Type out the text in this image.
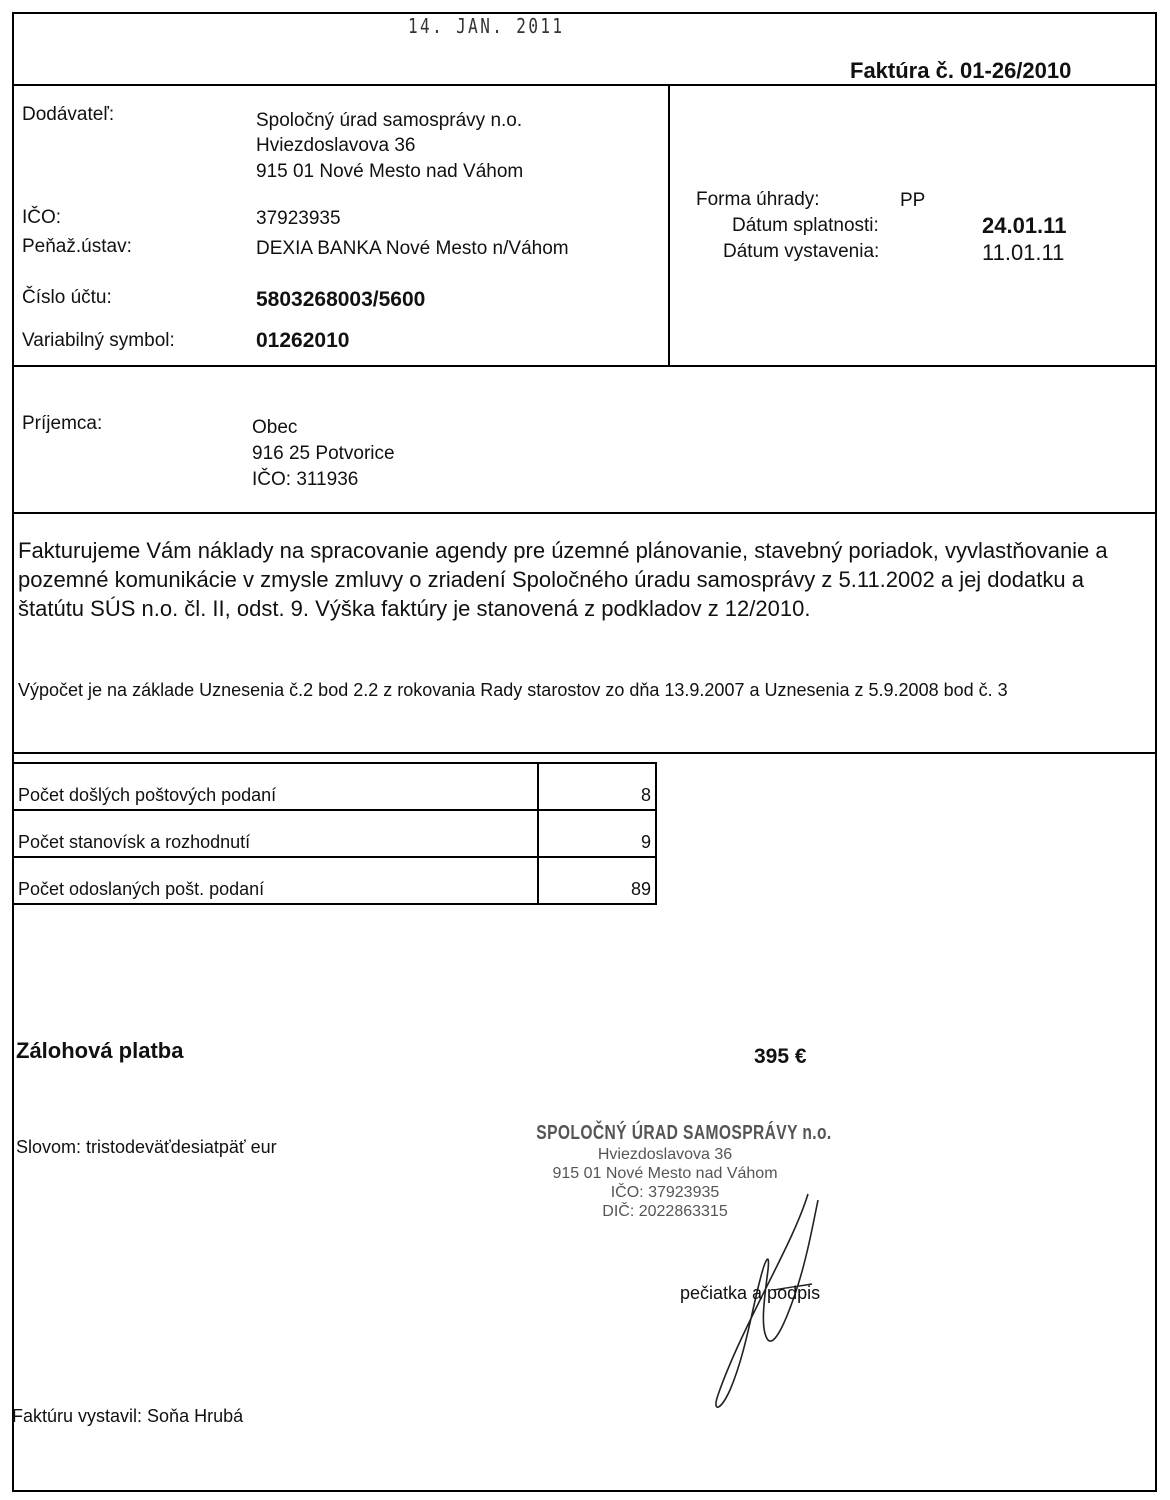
14. JAN. 2011
Faktúra č. 01-26/2010
Dodávateľ:	Spoločný úrad samosprávy n.o.
Hviezdoslavova 36
915 01 Nové Mesto nad Váhom
IČO:	37923935
Peňaž.ústav:	DEXIA BANKA Nové Mesto n/Váhom
Číslo účtu:	5803268003/5600
Variabilný symbol:	01262010
Forma úhrady:	PP
Dátum splatnosti:	24.01.11
Dátum vystavenia:	11.01.11
Príjemca:	Obec
916 25 Potvorice
IČO: 311936
Fakturujeme Vám náklady na spracovanie agendy pre územné plánovanie, stavebný poriadok, vyvlastňovanie a pozemné komunikácie v zmysle zmluvy o zriadení Spoločného úradu samosprávy z 5.11.2002 a jej dodatku a štatútu SÚS n.o. čl. II, odst. 9. Výška faktúry je stanovená z podkladov z 12/2010.
Výpočet je na základe Uznesenia č.2 bod 2.2 z rokovania Rady starostov zo dňa 13.9.2007 a Uznesenia z 5.9.2008 bod č. 3
Počet došlých poštových podaní	8
Počet stanovísk a rozhodnutí	9
Počet odoslaných pošt. podaní	89
Zálohová platba	395 €
Slovom: tristodeväťdesiatpäť eur
SPOLOČNÝ ÚRAD SAMOSPRÁVY n.o.
Hviezdoslavova 36
915 01 Nové Mesto nad Váhom
IČO: 37923935
DIČ: 2022863315
pečiatka a podpis
Faktúru vystavil: Soňa Hrubá
